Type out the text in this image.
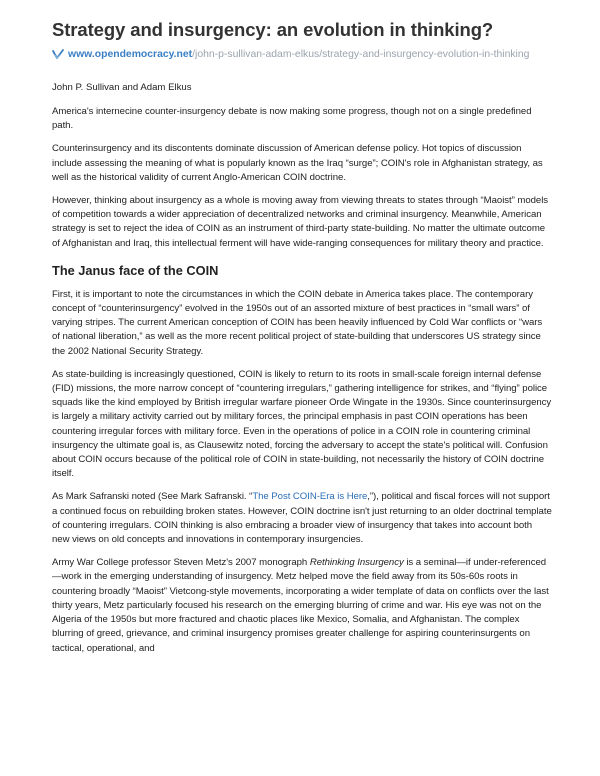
Strategy and insurgency: an evolution in thinking?
www.opendemocracy.net /john-p-sullivan-adam-elkus/strategy-and-insurgency-evolution-in-thinking
John P. Sullivan and Adam Elkus

America's internecine counter-insurgency debate is now making some progress, though not on a single predefined path.

Counterinsurgency and its discontents dominate discussion of American defense policy. Hot topics of discussion include assessing the meaning of what is popularly known as the Iraq “surge”; COIN's role in Afghanistan strategy, as well as the historical validity of current Anglo-American COIN doctrine.

However, thinking about insurgency as a whole is moving away from viewing threats to states through “Maoist” models of competition towards a wider appreciation of decentralized networks and criminal insurgency. Meanwhile, American strategy is set to reject the idea of COIN as an instrument of third-party state-building. No matter the ultimate outcome of Afghanistan and Iraq, this intellectual ferment will have wide-ranging consequences for military theory and practice.

The Janus face of the COIN

First, it is important to note the circumstances in which the COIN debate in America takes place. The contemporary concept of “counterinsurgency” evolved in the 1950s out of an assorted mixture of best practices in “small wars” of varying stripes. The current American conception of COIN has been heavily influenced by Cold War conflicts or “wars of national liberation,” as well as the more recent political project of state-building that underscores US strategy since the 2002 National Security Strategy.

As state-building is increasingly questioned, COIN is likely to return to its roots in small-scale foreign internal defense (FID) missions, the more narrow concept of “countering irregulars,” gathering intelligence for strikes, and “flying” police squads like the kind employed by British irregular warfare pioneer Orde Wingate in the 1930s. Since counterinsurgency is largely a military activity carried out by military forces, the principal emphasis in past COIN operations has been countering irregular forces with military force. Even in the operations of police in a COIN role in countering criminal insurgency the ultimate goal is, as Clausewitz noted, forcing the adversary to accept the state's political will. Confusion about COIN occurs because of the political role of COIN in state-building, not necessarily the history of COIN doctrine itself.

As Mark Safranski noted (See Mark Safranski. “The Post COIN-Era is Here,”), political and fiscal forces will not support a continued focus on rebuilding broken states. However, COIN doctrine isn't just returning to an older doctrinal template of countering irregulars. COIN thinking is also embracing a broader view of insurgency that takes into account both new views on old concepts and innovations in contemporary insurgencies.

Army War College professor Steven Metz's 2007 monograph Rethinking Insurgency is a seminal—if under-referenced—work in the emerging understanding of insurgency. Metz helped move the field away from its 50s-60s roots in countering broadly “Maoist” Vietcong-style movements, incorporating a wider template of data on conflicts over the last thirty years, Metz particularly focused his research on the emerging blurring of crime and war. His eye was not on the Algeria of the 1950s but more fractured and chaotic places like Mexico, Somalia, and Afghanistan. The complex blurring of greed, grievance, and criminal insurgency promises greater challenge for aspiring counterinsurgents on tactical, operational, and
